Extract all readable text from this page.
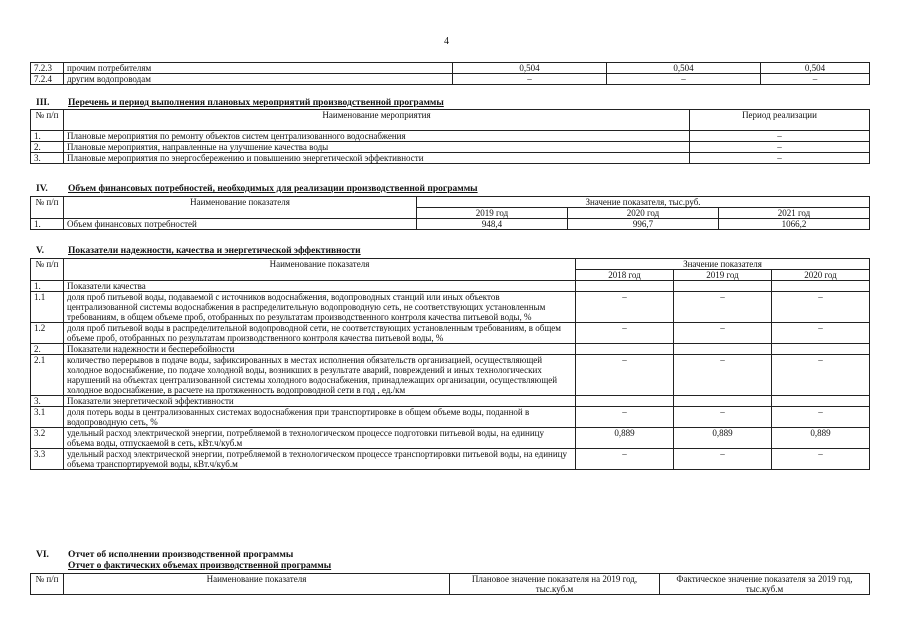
4
7.2.3	прочим потребителям	0,504	0,504	0,504
7.2.4	другим водопроводам	–	–	–
III. Перечень и период выполнения плановых мероприятий производственной программы
№ п/п	Наименование мероприятия	Период реализации
1.	Плановые мероприятия по ремонту объектов систем централизованного водоснабжения	–
2.	Плановые мероприятия, направленные на улучшение качества воды	–
3.	Плановые мероприятия по энергосбережению и повышению энергетической эффективности	–
IV. Объем финансовых потребностей, необходимых для реализации производственной программы
№ п/п	Наименование показателя	Значение показателя, тыс.руб.		
		2019 год	2020 год	2021 год
1.	Объем финансовых потребностей	948,4	996,7	1066,2
V.	Показатели надежности, качества и энергетической эффективности
№ п/п	Наименование показателя	Значение показателя		
		2018 год	2019 год	2020 год
1.	Показатели качества			
1.1	доля проб питьевой воды, подаваемой с источников водоснабжения, водопроводных станций или иных объектов централизованной системы водоснабжения в распределительную водопроводную сеть, не соответствующих установленным требованиям, в общем объеме проб, отобранных по результатам производственного контроля качества питьевой воды, %	–	–	–
1.2	доля проб питьевой воды в распределительной водопроводной сети, не соответствующих установленным требованиям, в общем объеме проб, отобранных по результатам производственного контроля качества питьевой воды, %	–	–	–
2.	Показатели надежности и бесперебойности			
2.1	количество перерывов в подаче воды, зафиксированных в местах исполнения обязательств организацией, осуществляющей холодное водоснабжение, по подаче холодной воды, возникших в результате аварий, повреждений и иных технологических нарушений на объектах централизованной системы холодного водоснабжения, принадлежащих организации, осуществляющей холодное водоснабжение, в расчете на протяженность водопроводной сети в год , ед./км	–	–	–
3.	Показатели энергетической эффективности			
3.1	доля потерь воды в централизованных системах водоснабжения при транспортировке в общем объеме воды, поданной в водопроводную сеть, %	–	–	–
3.2	удельный расход электрической энергии, потребляемой в технологическом процессе подготовки питьевой воды, на единицу объема воды, отпускаемой в сеть, кВт.ч/куб.м	0,889	0,889	0,889
3.3	удельный расход электрической энергии, потребляемой в технологическом процессе транспортировки питьевой воды, на единицу объема транспортируемой воды, кВт.ч/куб.м	–	–	–
VI. Отчет об исполнении производственной программы
Отчет о фактических объемах производственной программы
№ п/п	Наименование показателя	Плановое значение показателя на 2019 год, тыс.куб.м	Фактическое значение показателя за 2019 год, тыс.куб.м
